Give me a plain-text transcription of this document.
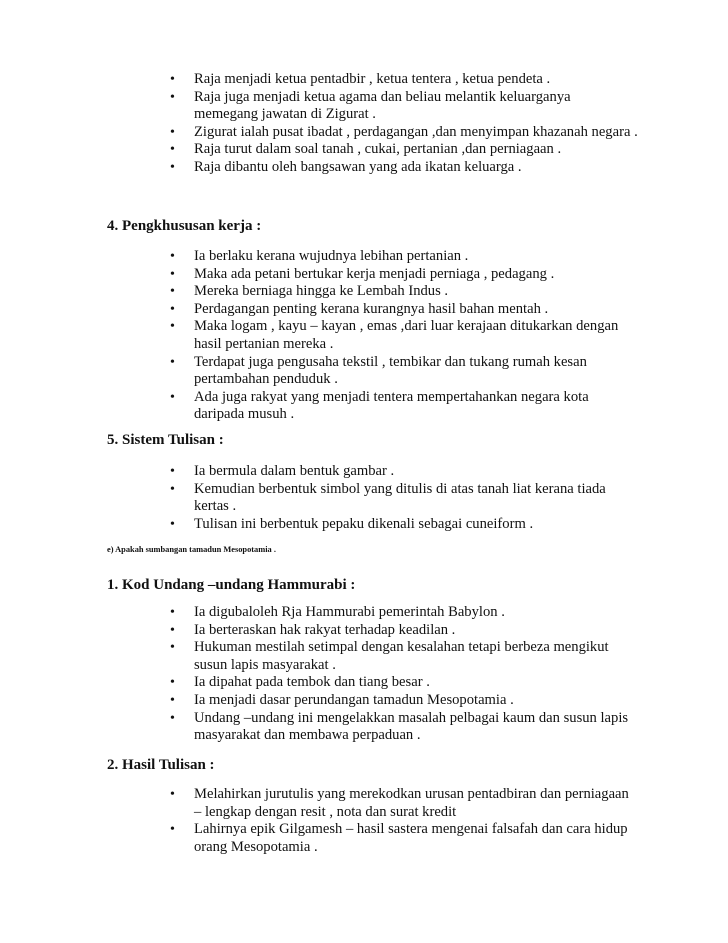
• Raja menjadi ketua pentadbir , ketua tentera , ketua pendeta .
• Raja juga menjadi ketua agama dan beliau melantik keluarganya memegang jawatan di Zigurat .
• Zigurat ialah pusat ibadat , perdagangan ,dan menyimpan khazanah negara .
• Raja turut dalam soal tanah , cukai, pertanian ,dan perniagaan .
• Raja dibantu oleh bangsawan yang ada ikatan keluarga .
4. Pengkhususan kerja :
• Ia berlaku kerana wujudnya lebihan pertanian .
• Maka ada petani bertukar kerja menjadi perniaga , pedagang .
• Mereka berniaga hingga ke Lembah Indus .
• Perdagangan penting kerana kurangnya hasil bahan mentah .
• Maka logam , kayu – kayan , emas ,dari luar kerajaan ditukarkan dengan hasil pertanian mereka .
• Terdapat juga pengusaha tekstil , tembikar dan tukang rumah kesan pertambahan penduduk .
• Ada juga rakyat yang menjadi tentera mempertahankan negara kota daripada musuh .
5. Sistem Tulisan :
• Ia bermula dalam bentuk gambar .
• Kemudian berbentuk simbol yang ditulis di atas tanah liat kerana tiada kertas .
• Tulisan ini berbentuk pepaku dikenali sebagai cuneiform .
e) Apakah sumbangan tamadun Mesopotamia .
1. Kod Undang –undang Hammurabi :
• Ia digubaloleh Rja Hammurabi pemerintah Babylon .
• Ia berteraskan hak rakyat terhadap keadilan .
• Hukuman mestilah setimpal dengan kesalahan tetapi berbeza mengikut susun lapis masyarakat .
• Ia dipahat pada tembok dan tiang besar .
• Ia menjadi dasar perundangan tamadun Mesopotamia .
• Undang –undang ini mengelakkan masalah pelbagai kaum dan susun lapis masyarakat dan membawa perpaduan .
2. Hasil Tulisan :
• Melahirkan jurutulis yang merekodkan urusan pentadbiran dan perniagaan – lengkap dengan resit , nota dan surat kredit
• Lahirnya epik Gilgamesh – hasil sastera mengenai falsafah dan cara hidup orang Mesopotamia .
